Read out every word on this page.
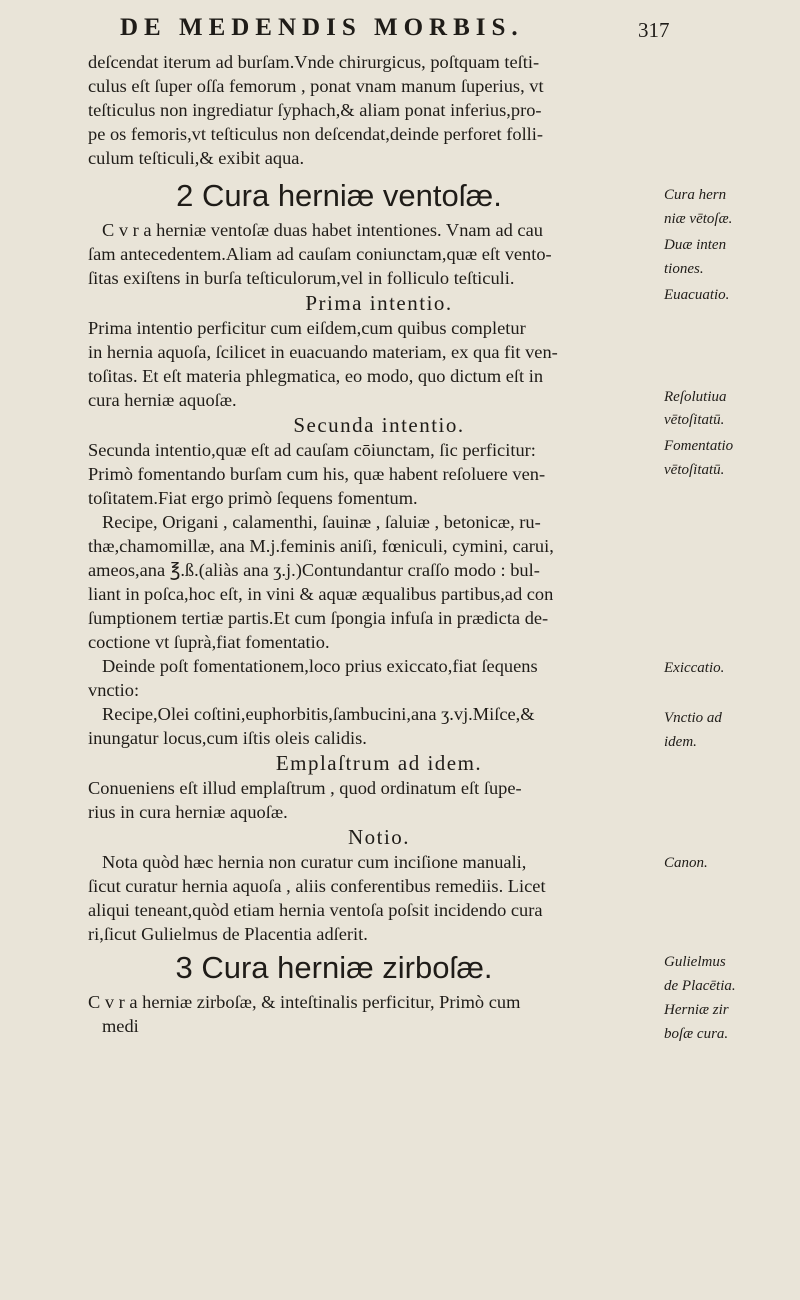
DE MEDENDIS MORBIS.	317
deſcendat iterum ad burſam.Vnde chirurgicus, poſtquam teſti-
culus eſt ſuper oſſa femorum , ponat vnam manum ſuperius, vt
teſticulus non ingrediatur ſyphach,& aliam ponat inferius,pro-
pe os femoris,vt teſticulus non deſcendat,deinde perforet folli-
culum teſticuli,& exibit aqua.
2 Cura herniæ ventoſæ.
C v r a herniæ ventoſæ duas habet intentiones. Vnam ad cau
ſam antecedentem.Aliam ad cauſam coniunctam,quæ eſt vento-
ſitas exiſtens in burſa teſticulorum,vel in folliculo teſticuli.
Prima intentio.
Prima intentio perficitur cum eiſdem,cum quibus completur
in hernia aquoſa, ſcilicet in euacuando materiam, ex qua fit ven-
toſitas. Et eſt materia phlegmatica, eo modo, quo dictum eſt in
cura herniæ aquoſæ.
Secunda intentio.
Secunda intentio,quæ eſt ad cauſam cōiunctam, ſic perficitur:
Primò fomentando burſam cum his, quæ habent reſoluere ven-
toſitatem.Fiat ergo primò ſequens fomentum.
Recipe, Origani , calamenthi, ſauinæ , ſaluiæ , betonicæ, ru-
thæ,chamomillæ, ana M.j.feminis aniſi, fœniculi, cymini, carui,
ameos,ana ℥.ß.(aliàs ana ʒ.j.)Contundantur craſſo modo : bul-
liant in poſca,hoc eſt, in vini & aquæ æqualibus partibus,ad con
ſumptionem tertiæ partis.Et cum ſpongia infuſa in prædicta de-
coctione vt ſuprà,fiat fomentatio.
Deinde poſt fomentationem,loco prius exiccato,fiat ſequens
vnctio:
Recipe,Olei coſtini,euphorbitis,ſambucini,ana ʒ.vj.Miſce,&
inungatur locus,cum iſtis oleis calidis.
Emplaſtrum ad idem.
Conueniens eſt illud emplaſtrum , quod ordinatum eſt ſupe-
rius in cura herniæ aquoſæ.
Notio.
Nota quòd hæc hernia non curatur cum inciſione manuali,
ſicut curatur hernia aquoſa , aliis conferentibus remediis. Licet
aliqui teneant,quòd etiam hernia ventoſa poſsit incidendo cura
ri,ſicut Gulielmus de Placentia adſerit.
3 Cura herniæ zirboſæ.
C v r a herniæ zirboſæ, & inteſtinalis perficitur, Primò cum
medi
Cura hern
niæ vētoſæ.
Duæ inten
tiones.
Euacuatio.
Reſolutiua
vētoſitatū.
Fomentatio
vētoſitatū.
Exiccatio.
Vnctio ad
idem.
Canon.
Gulielmus
de Placētia.
Herniæ zir
boſæ cura.
